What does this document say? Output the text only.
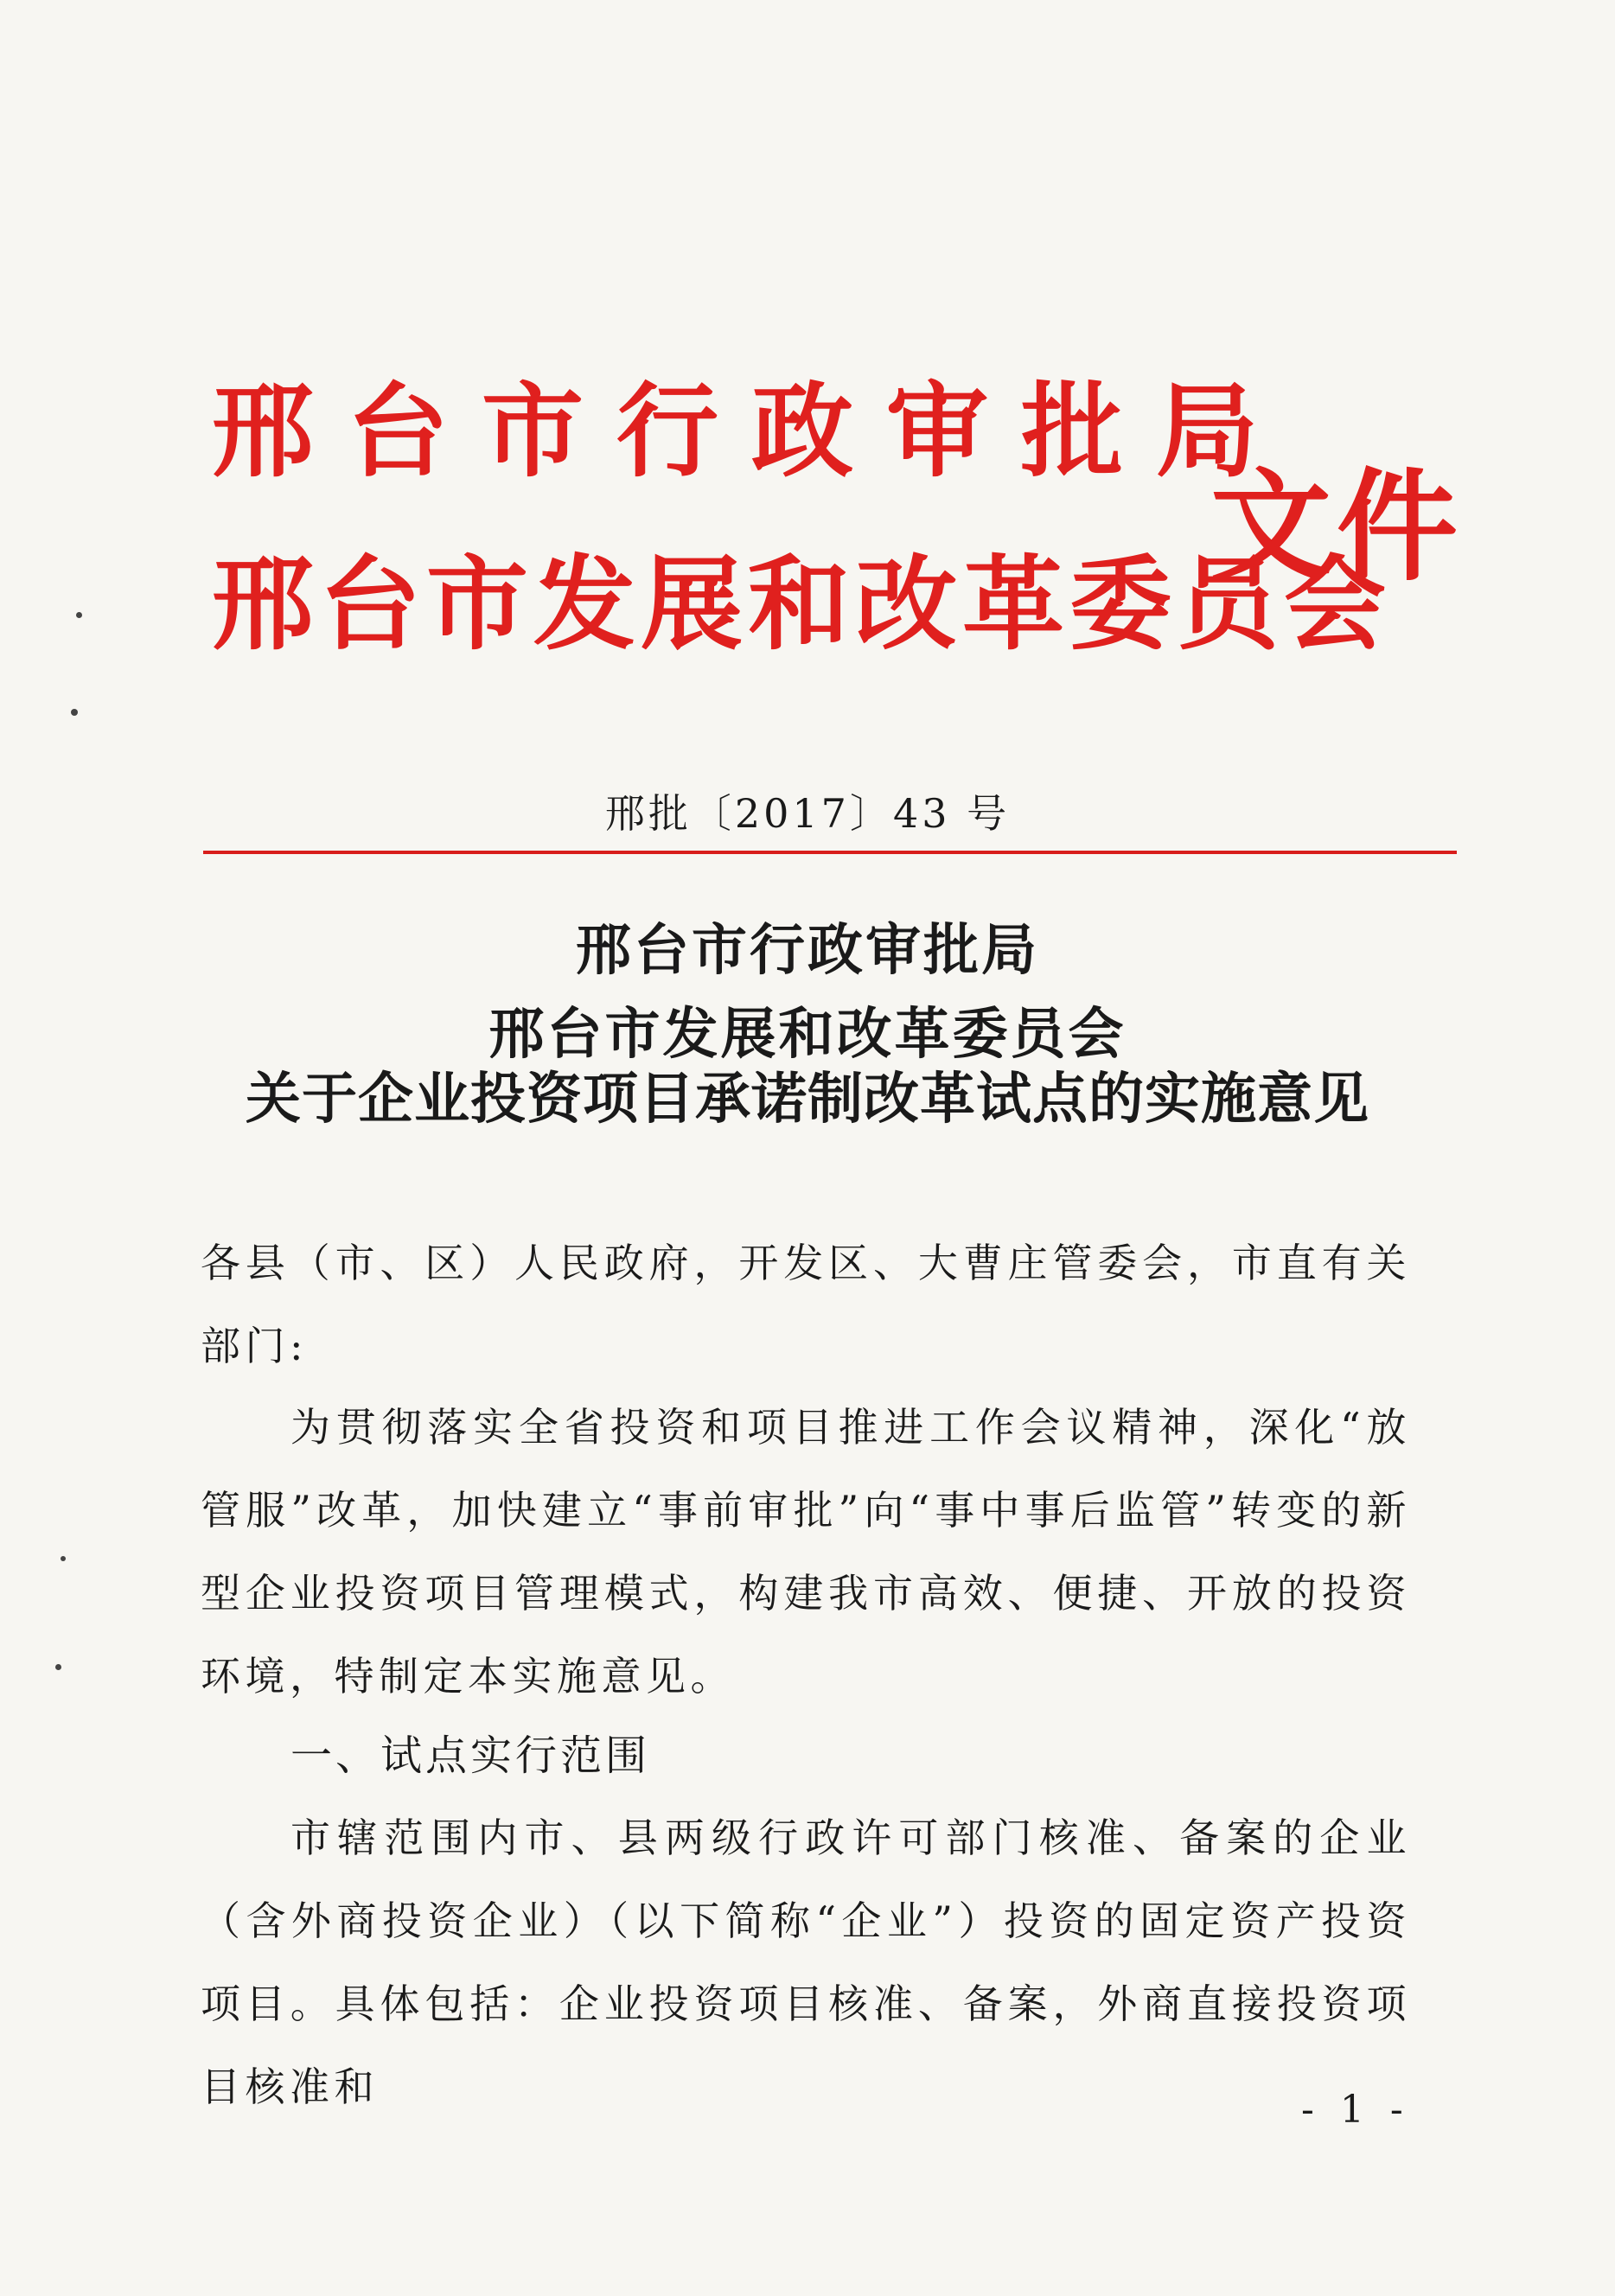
邢台市行政审批局
邢台市发展和改革委员会
文件
邢批〔2017〕43 号
邢台市行政审批局
邢台市发展和改革委员会
关于企业投资项目承诺制改革试点的实施意见
各县（市、区）人民政府，开发区、大曹庄管委会，市直有关部门:
为贯彻落实全省投资和项目推进工作会议精神，深化“放管服”改革，加快建立“事前审批”向“事中事后监管”转变的新型企业投资项目管理模式，构建我市高效、便捷、开放的投资环境，特制定本实施意见。
一、试点实行范围
市辖范围内市、县两级行政许可部门核准、备案的企业（含外商投资企业）（以下简称“企业”）投资的固定资产投资项目。具体包括：企业投资项目核准、备案，外商直接投资项目核准和	- 1 -
